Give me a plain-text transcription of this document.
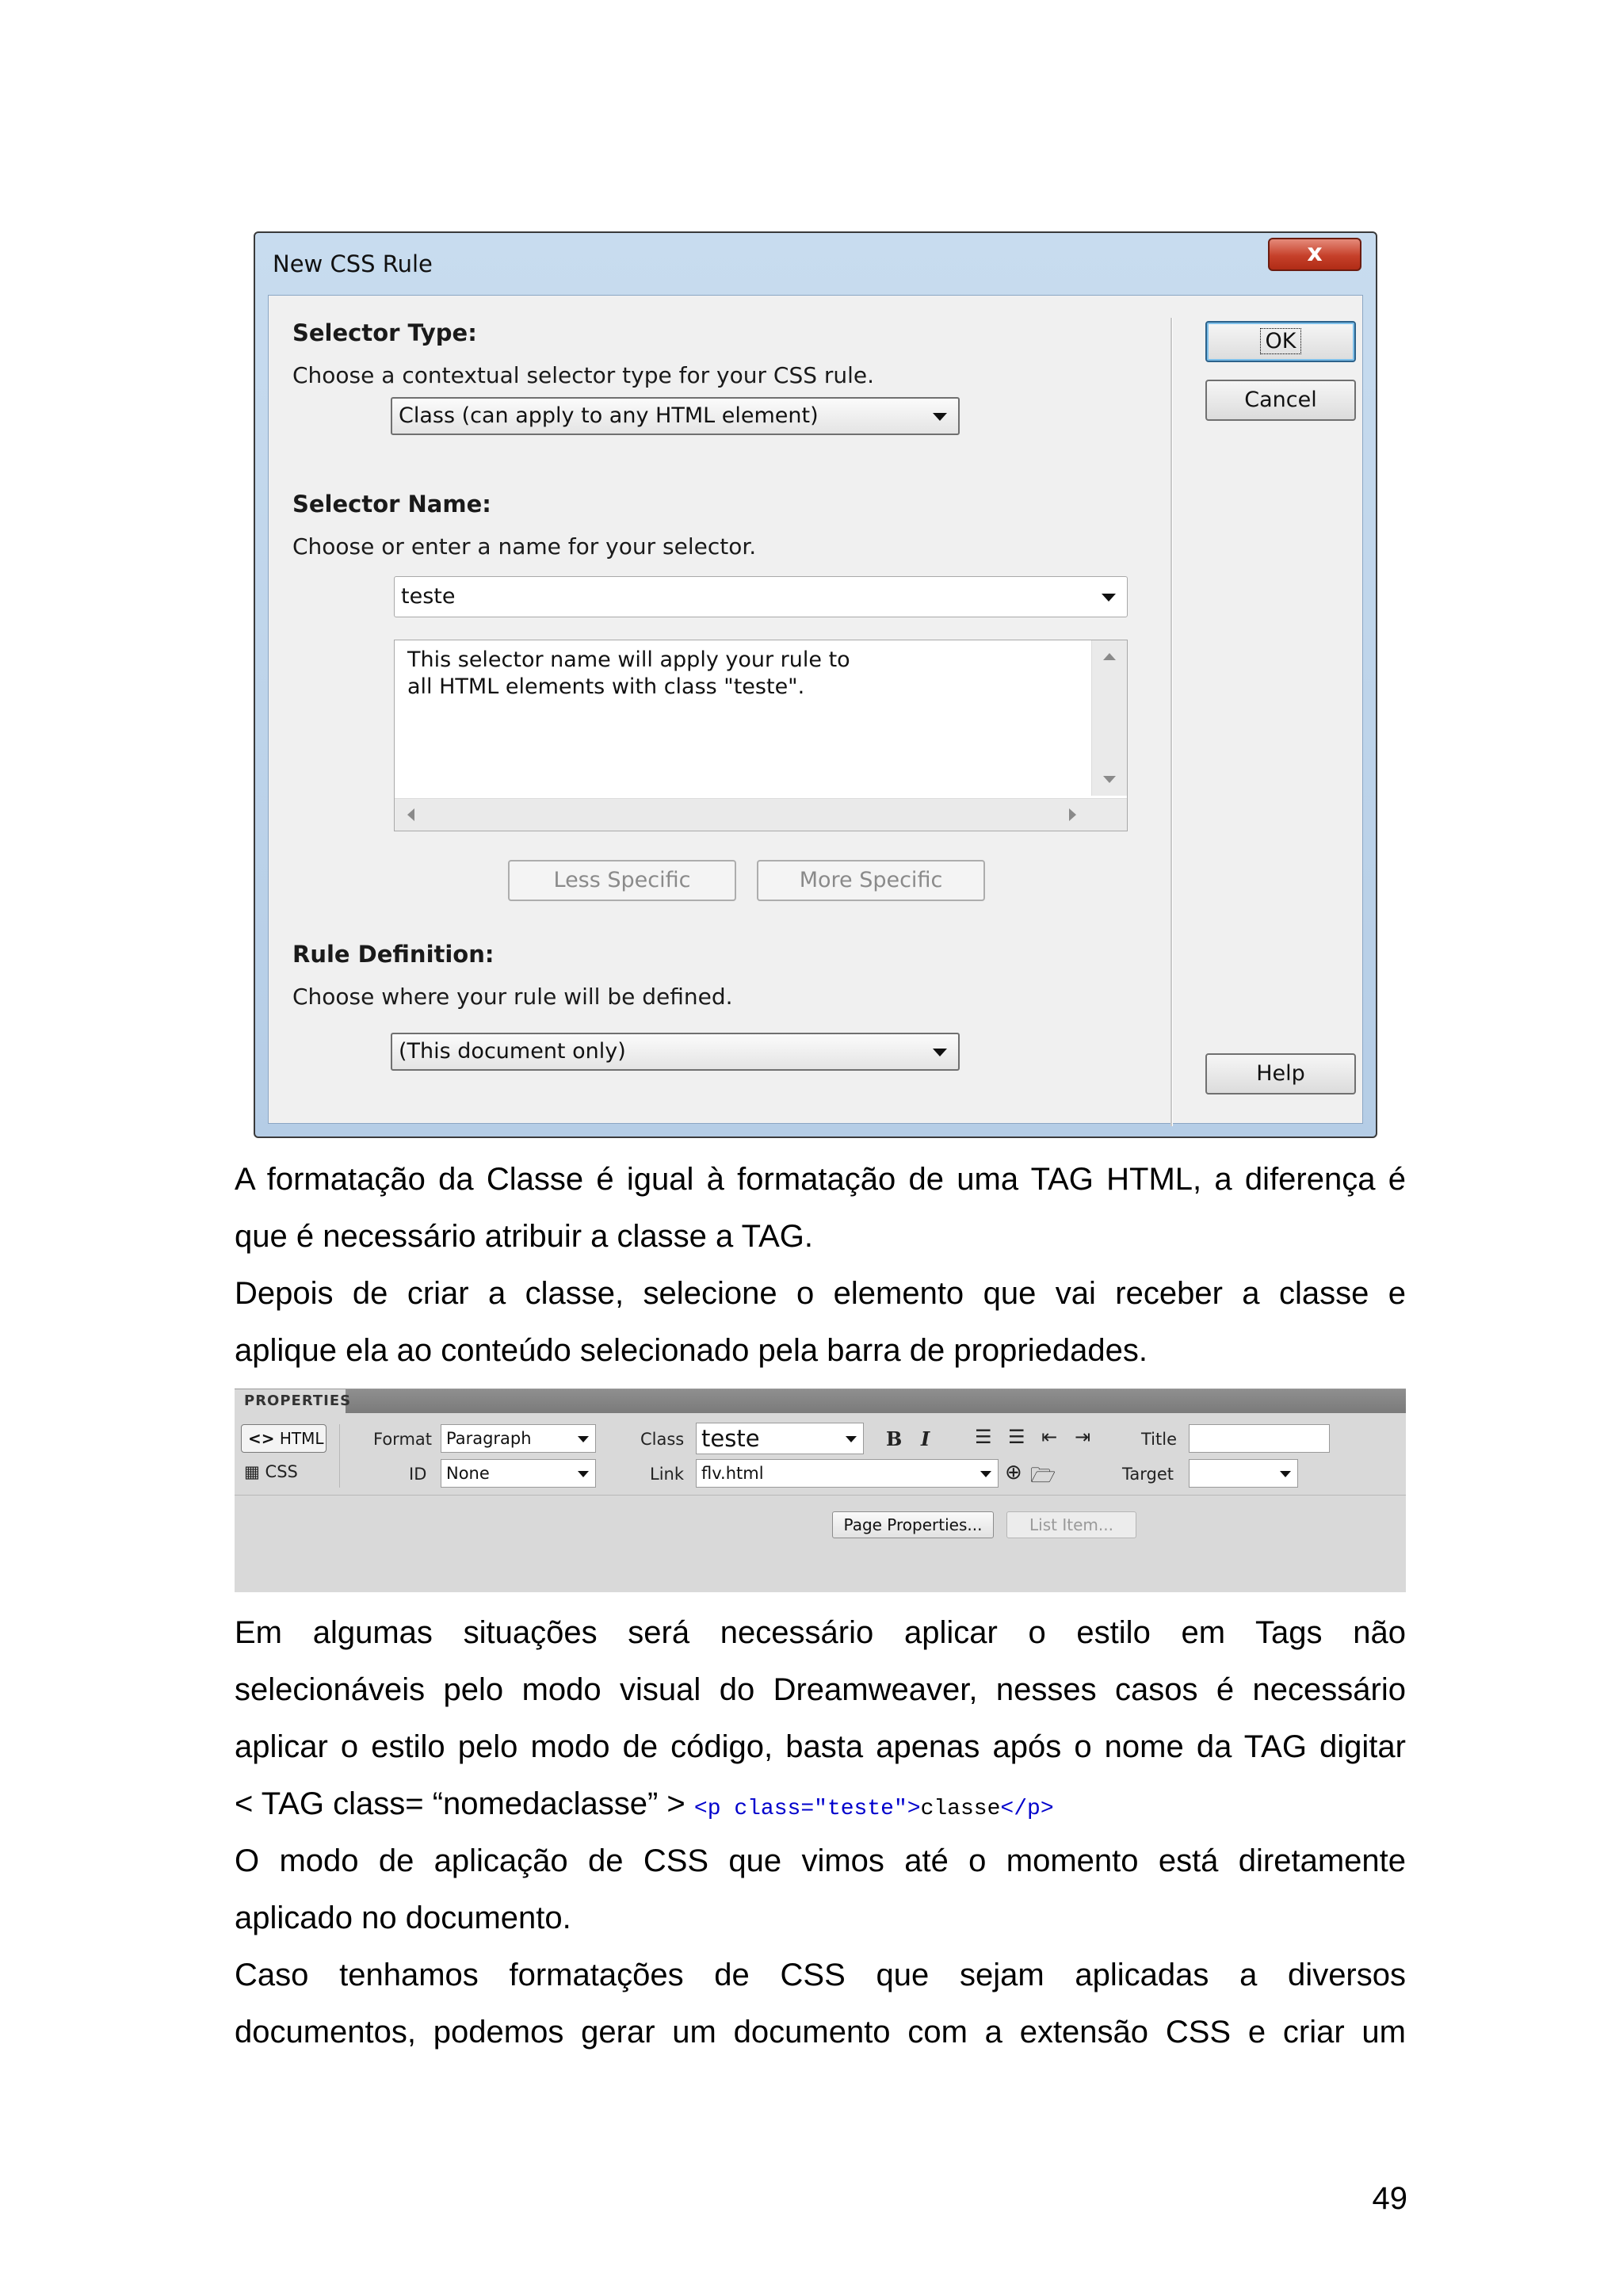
New CSS Rule	x
Selector Type:
Choose a contextual selector type for your CSS rule.
Class (can apply to any HTML element)
Selector Name:
Choose or enter a name for your selector.
teste
This selector name will apply your rule to
all HTML elements with class "teste".
Less Specific	More Specific
Rule Definition:
Choose where your rule will be defined.
(This document only)
OK
Cancel
Help
A formatação da Classe é igual à formatação de uma TAG HTML, a diferença é
que é necessário atribuir a classe a TAG.
Depois de criar a classe, selecione o elemento que vai receber a classe e
aplique ela ao conteúdo selecionado pela barra de propriedades.
PROPERTIES
<> HTML
▦ CSS
Format Paragraph
ID	None
Class teste	B I ☰ ☰ ⇤ ⇥	Title
Link	flv.html	⊕ 🗁	Target
Page Properties...	List Item...
Em algumas situações será necessário aplicar o estilo em Tags não
selecionáveis pelo modo visual do Dreamweaver, nesses casos é necessário
aplicar o estilo pelo modo de código, basta apenas após o nome da TAG digitar
< TAG class= “nomedaclasse” > <p class="teste">classe</p>
O modo de aplicação de CSS que vimos até o momento está diretamente
aplicado no documento.
Caso tenhamos formatações de CSS que sejam aplicadas a diversos
documentos, podemos gerar um documento com a extensão CSS e criar um
49
